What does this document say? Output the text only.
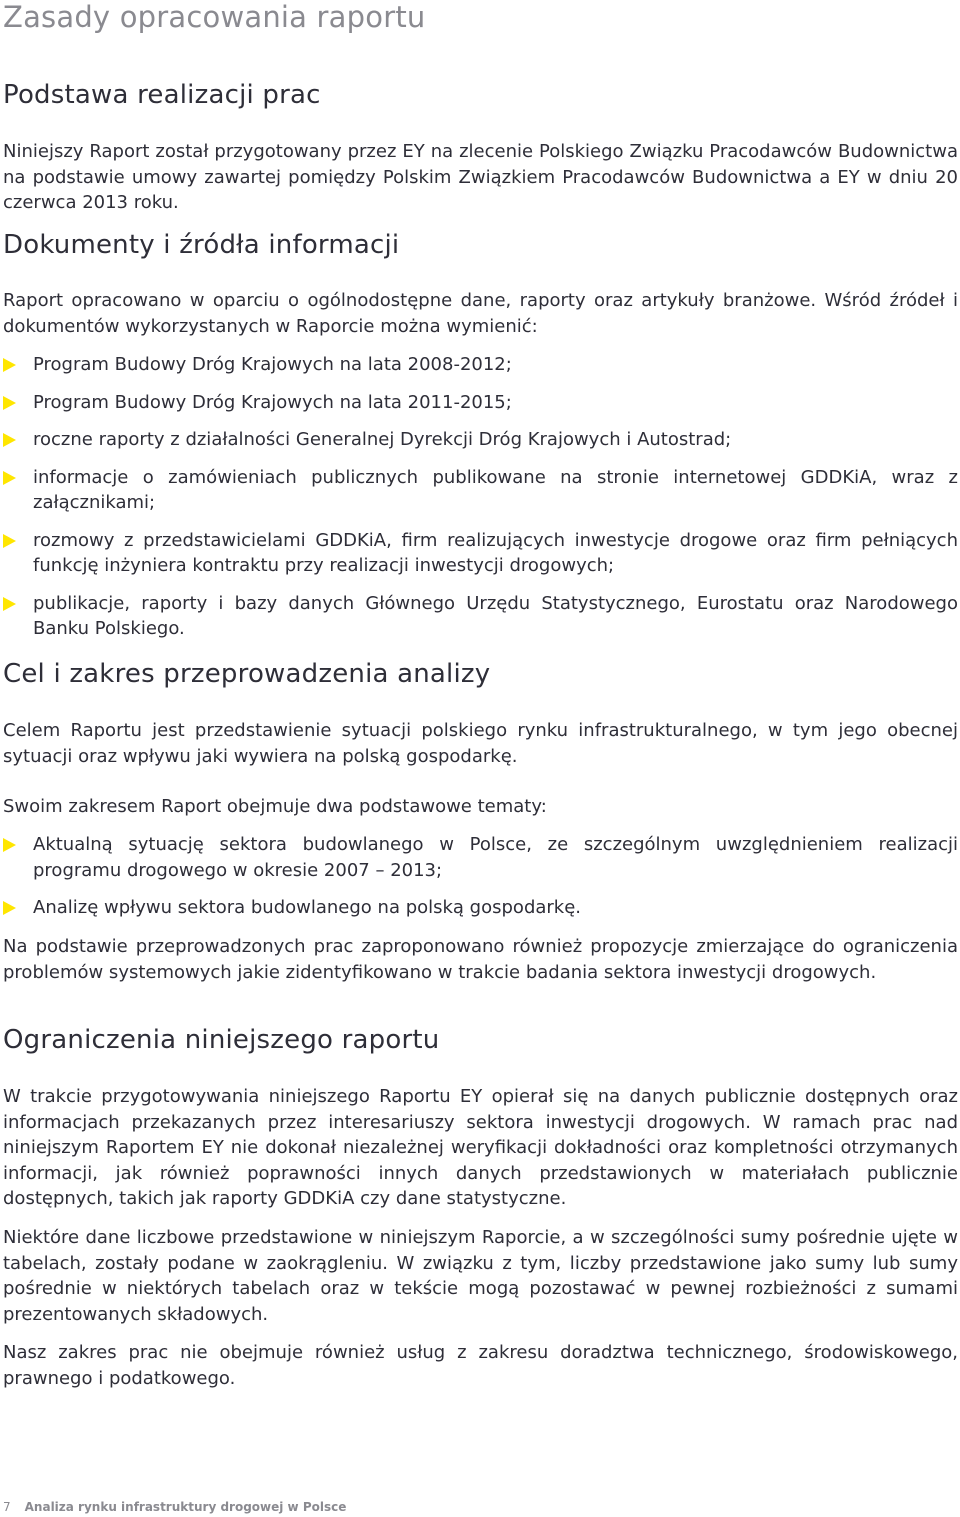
Zasady opracowania raportu
Podstawa realizacji prac

Niniejszy Raport został przygotowany przez EY na zlecenie Polskiego Związku Pracodawców Budownictwa na podstawie umowy zawartej pomiędzy Polskim Związkiem Pracodawców Budownictwa a EY w dniu 20 czerwca 2013 roku.

Dokumenty i źródła informacji

Raport opracowano w oparciu o ogólnodostępne dane, raporty oraz artykuły branżowe. Wśród źródeł i dokumentów wykorzystanych w Raporcie można wymienić:

Program Budowy Dróg Krajowych na lata 2008-2012;
Program Budowy Dróg Krajowych na lata 2011-2015;
roczne raporty z działalności Generalnej Dyrekcji Dróg Krajowych i Autostrad;
informacje o zamówieniach publicznych publikowane na stronie internetowej GDDKiA, wraz z załącznikami;
rozmowy z przedstawicielami GDDKiA, firm realizujących inwestycje drogowe oraz firm pełniących funkcję inżyniera kontraktu przy realizacji inwestycji drogowych;
publikacje, raporty i bazy danych Głównego Urzędu Statystycznego, Eurostatu oraz Narodowego Banku Polskiego.
Cel i zakres przeprowadzenia analizy

Celem Raportu jest przedstawienie sytuacji polskiego rynku infrastrukturalnego, w tym jego obecnej sytuacji oraz wpływu jaki wywiera na polską gospodarkę.

Swoim zakresem Raport obejmuje dwa podstawowe tematy:

Aktualną sytuację sektora budowlanego w Polsce, ze szczególnym uwzględnieniem realizacji programu drogowego w okresie 2007 – 2013;
Analizę wpływu sektora budowlanego na polską gospodarkę.

Na podstawie przeprowadzonych prac zaproponowano również propozycje zmierzające do ograniczenia problemów systemowych jakie zidentyfikowano w trakcie badania sektora inwestycji drogowych.

Ograniczenia niniejszego raportu

W trakcie przygotowywania niniejszego Raportu EY opierał się na danych publicznie dostępnych oraz informacjach przekazanych przez interesariuszy sektora inwestycji drogowych. W ramach prac nad niniejszym Raportem EY nie dokonał niezależnej weryfikacji dokładności oraz kompletności otrzymanych informacji, jak również poprawności innych danych przedstawionych w materiałach publicznie dostępnych, takich jak raporty GDDKiA czy dane statystyczne.

Niektóre dane liczbowe przedstawione w niniejszym Raporcie, a w szczególności sumy pośrednie ujęte w tabelach, zostały podane w zaokrągleniu. W związku z tym, liczby przedstawione jako sumy lub sumy pośrednie w niektórych tabelach oraz w tekście mogą pozostawać w pewnej rozbieżności z sumami prezentowanych składowych.

Nasz zakres prac nie obejmuje również usług z zakresu doradztwa technicznego, środowiskowego, prawnego i podatkowego.

7 Analiza rynku infrastruktury drogowej w Polsce
